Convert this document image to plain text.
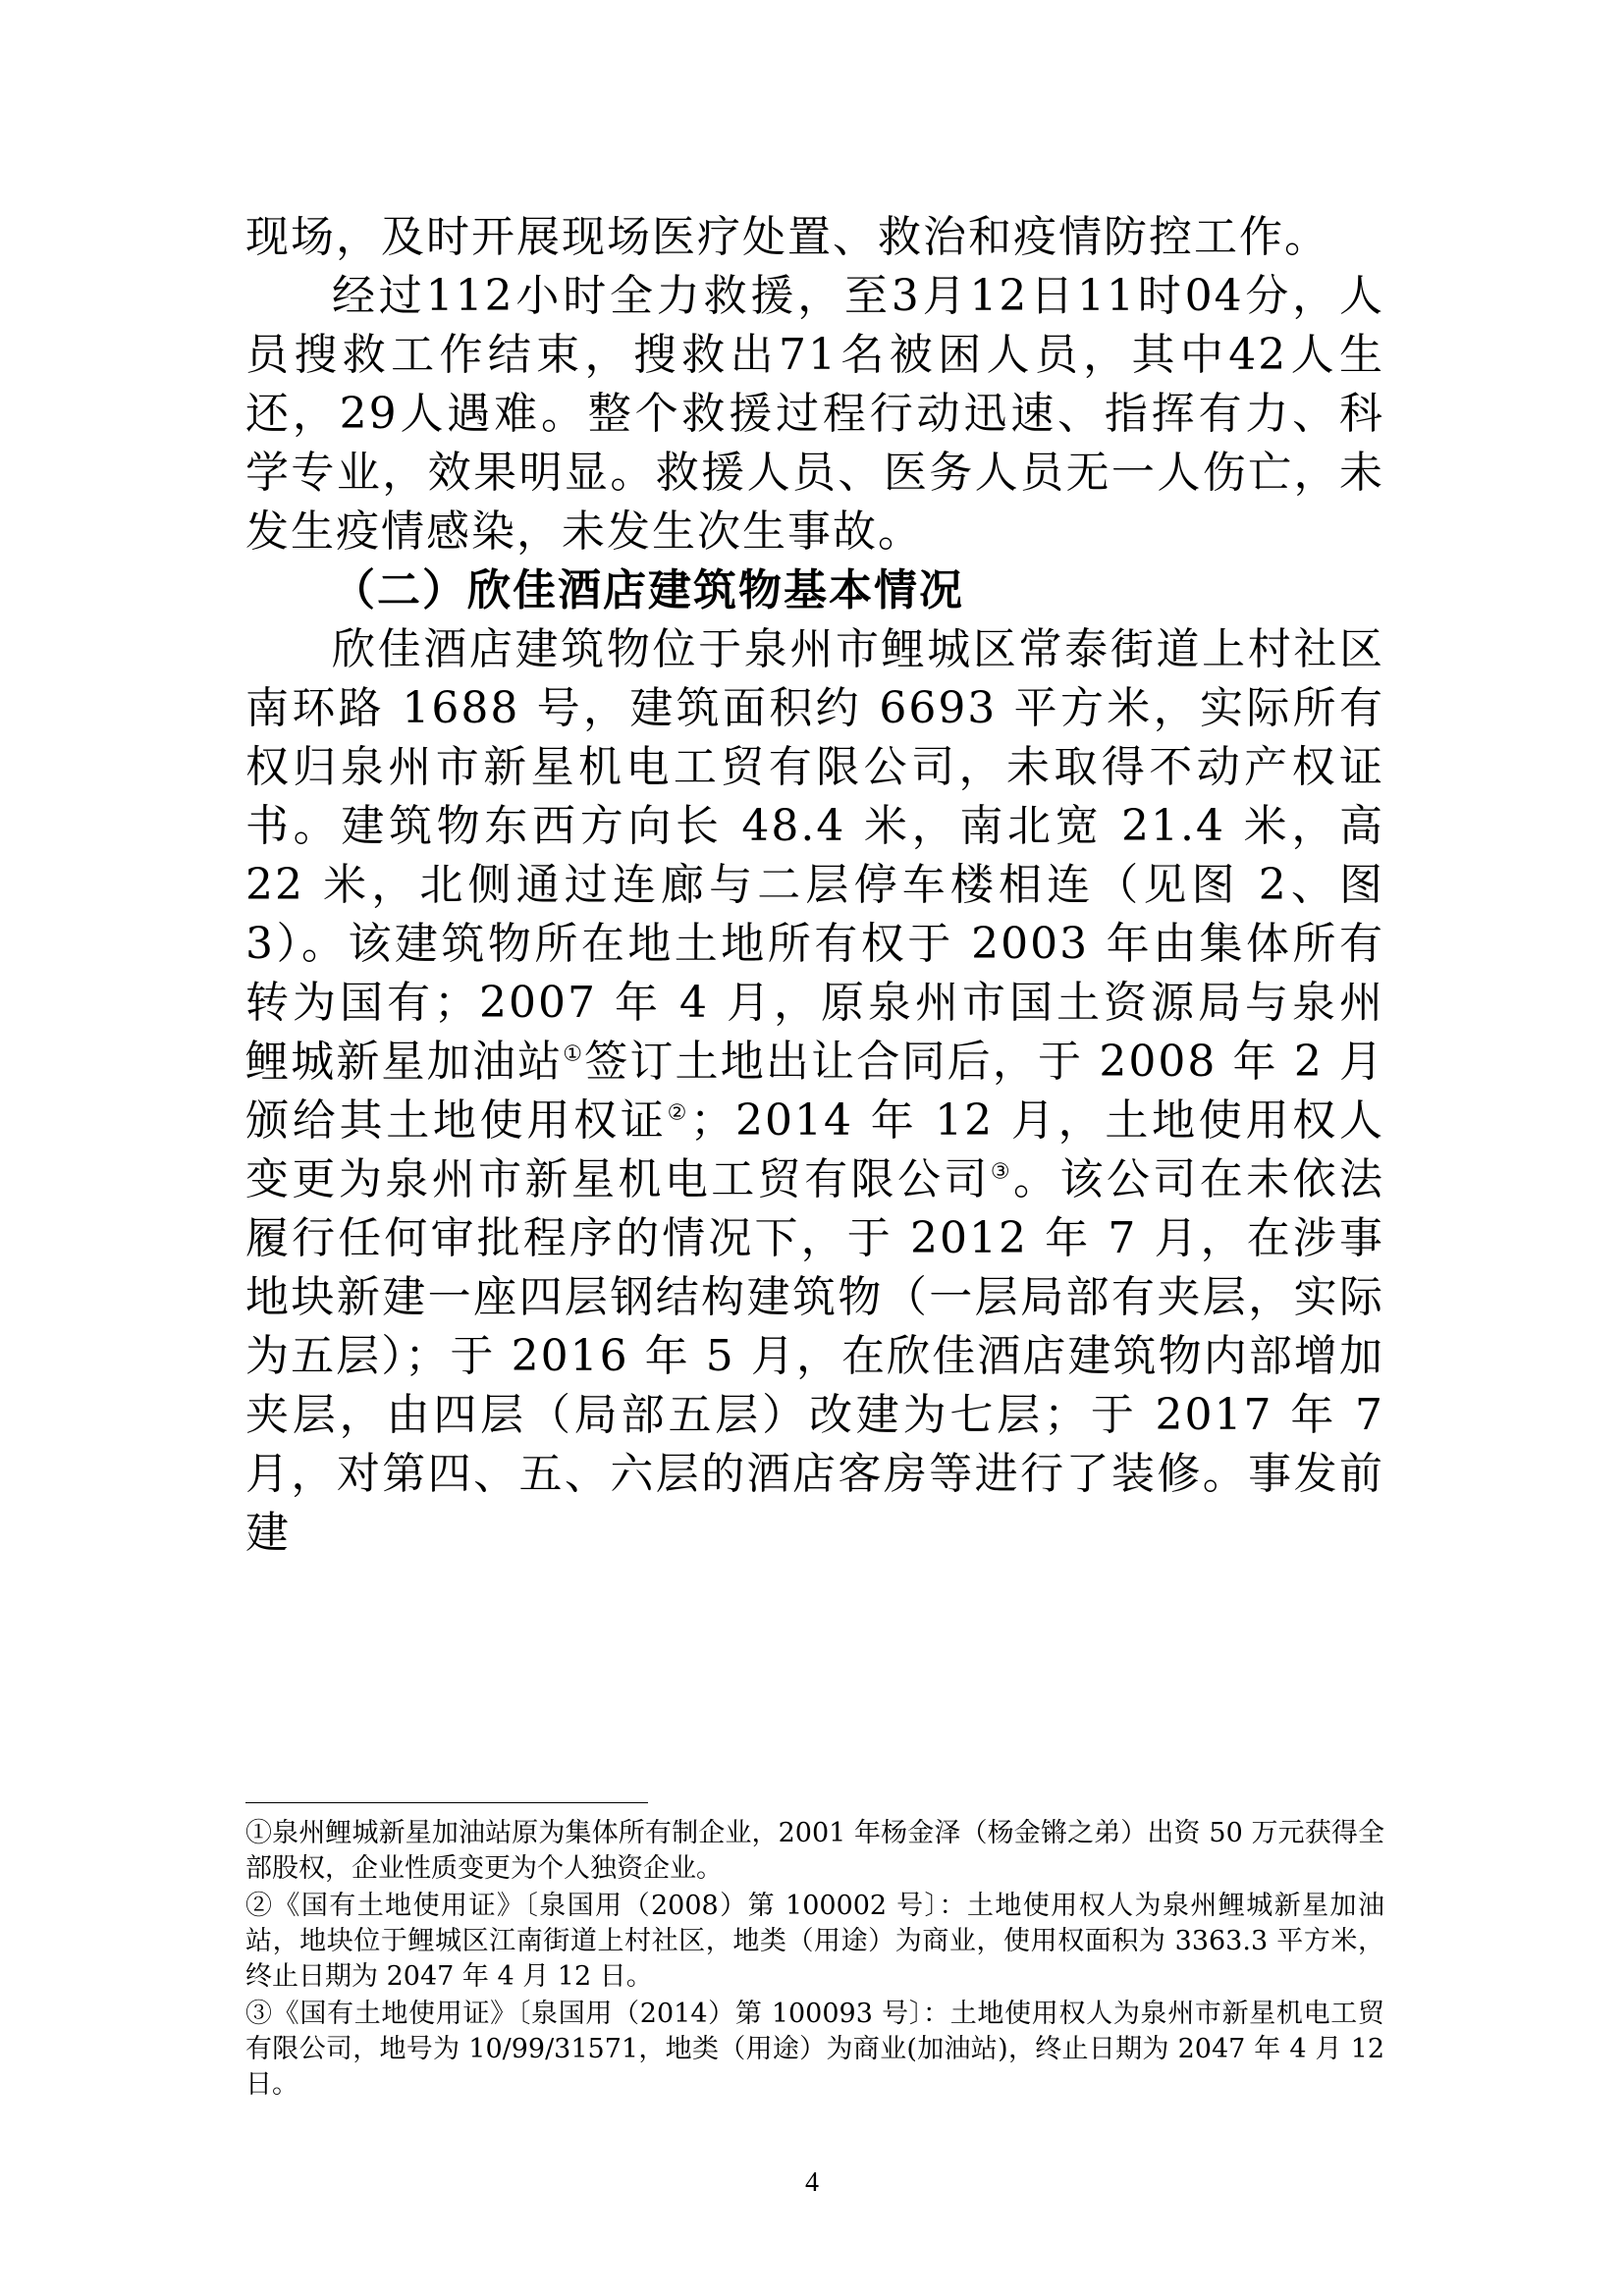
现场，及时开展现场医疗处置、救治和疫情防控工作。

经过112小时全力救援，至3月12日11时04分，人员搜救工作结束，搜救出71名被困人员，其中42人生还，29人遇难。整个救援过程行动迅速、指挥有力、科学专业，效果明显。救援人员、医务人员无一人伤亡，未发生疫情感染，未发生次生事故。

（二）欣佳酒店建筑物基本情况

欣佳酒店建筑物位于泉州市鲤城区常泰街道上村社区南环路 1688 号，建筑面积约 6693 平方米，实际所有权归泉州市新星机电工贸有限公司，未取得不动产权证书。建筑物东西方向长 48.4 米，南北宽 21.4 米，高 22 米，北侧通过连廊与二层停车楼相连（见图 2、图 3）。该建筑物所在地土地所有权于 2003 年由集体所有转为国有；2007 年 4 月，原泉州市国土资源局与泉州鲤城新星加油站①签订土地出让合同后，于 2008 年 2 月颁给其土地使用权证②；2014 年 12 月，土地使用权人变更为泉州市新星机电工贸有限公司③。该公司在未依法履行任何审批程序的情况下，于 2012 年 7 月，在涉事地块新建一座四层钢结构建筑物（一层局部有夹层，实际为五层）；于 2016 年 5 月，在欣佳酒店建筑物内部增加夹层，由四层（局部五层）改建为七层；于 2017 年 7 月，对第四、五、六层的酒店客房等进行了装修。事发前建

①泉州鲤城新星加油站原为集体所有制企业，2001 年杨金泽（杨金锵之弟）出资 50 万元获得全部股权，企业性质变更为个人独资企业。

②《国有土地使用证》〔泉国用（2008）第 100002 号〕：土地使用权人为泉州鲤城新星加油站，地块位于鲤城区江南街道上村社区，地类（用途）为商业，使用权面积为 3363.3 平方米，终止日期为 2047 年 4 月 12 日。

③《国有土地使用证》〔泉国用（2014）第 100093 号〕：土地使用权人为泉州市新星机电工贸有限公司，地号为 10/99/31571，地类（用途）为商业(加油站)，终止日期为 2047 年 4 月 12 日。

4
